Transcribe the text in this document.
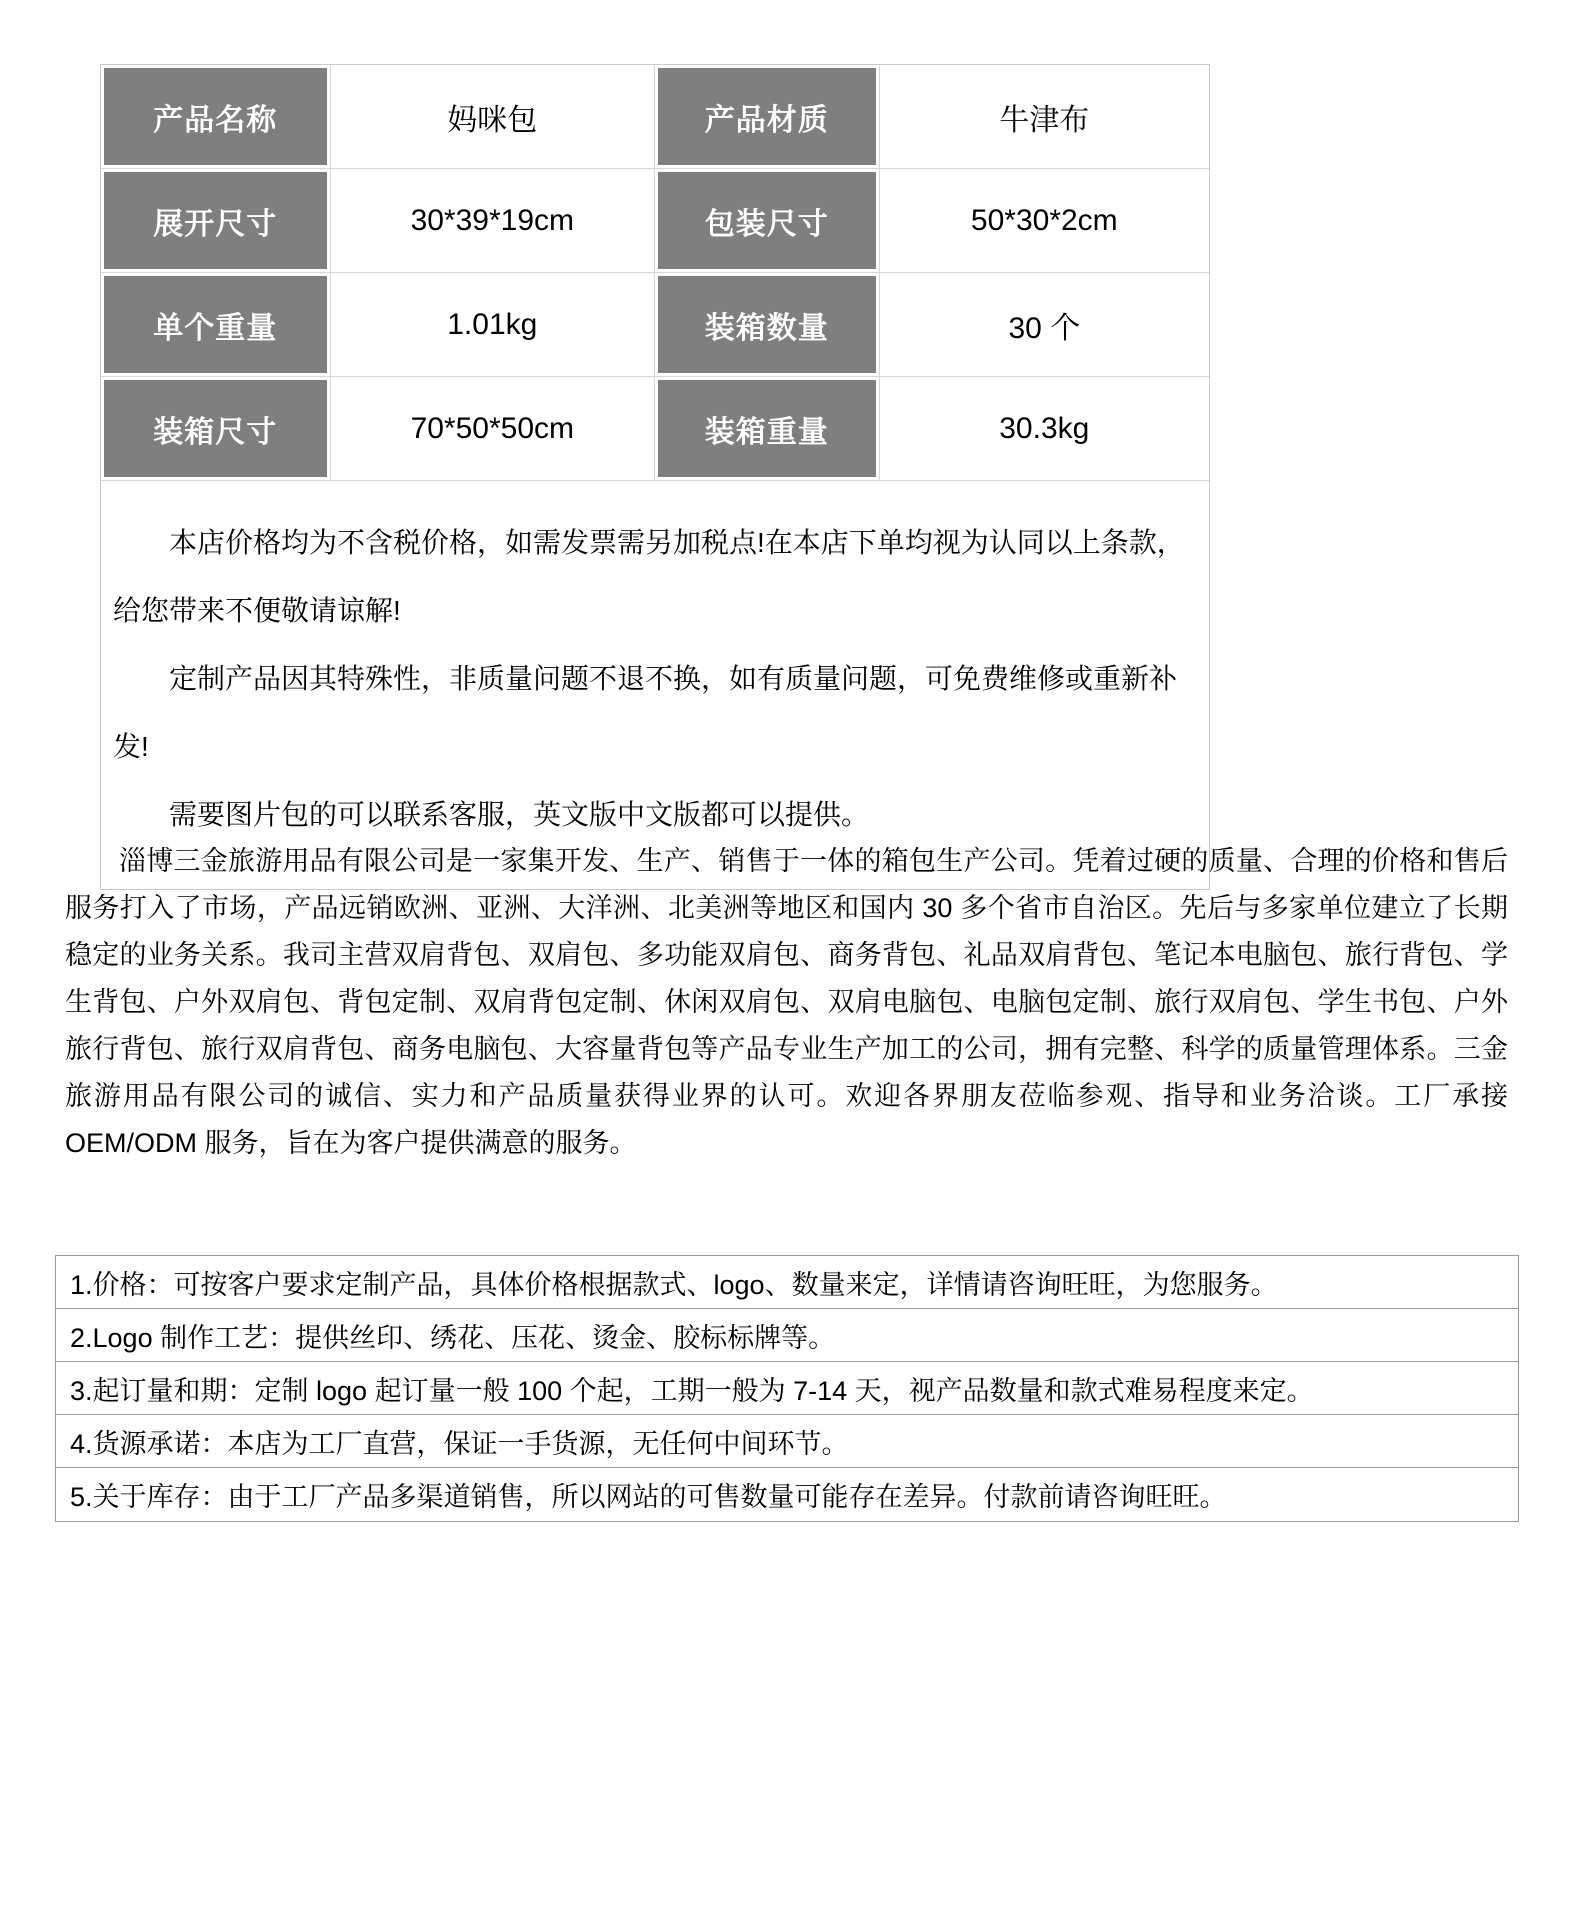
产品名称	妈咪包	产品材质	牛津布
展开尺寸	30*39*19cm	包装尺寸	50*30*2cm
单个重量	1.01kg	装箱数量	30 个
装箱尺寸	70*50*50cm	装箱重量	30.3kg

本店价格均为不含税价格，如需发票需另加税点!在本店下单均视为认同以上条款，给您带来不便敬请谅解!

定制产品因其特殊性，非质量问题不退不换，如有质量问题，可免费维修或重新补发!

需要图片包的可以联系客服，英文版中文版都可以提供。

淄博三金旅游用品有限公司是一家集开发、生产、销售于一体的箱包生产公司。凭着过硬的质量、合理的价格和售后服务打入了市场，产品远销欧洲、亚洲、大洋洲、北美洲等地区和国内 30 多个省市自治区。先后与多家单位建立了长期稳定的业务关系。我司主营双肩背包、双肩包、多功能双肩包、商务背包、礼品双肩背包、笔记本电脑包、旅行背包、学生背包、户外双肩包、背包定制、双肩背包定制、休闲双肩包、双肩电脑包、电脑包定制、旅行双肩包、学生书包、户外旅行背包、旅行双肩背包、商务电脑包、大容量背包等产品专业生产加工的公司，拥有完整、科学的质量管理体系。三金旅游用品有限公司的诚信、实力和产品质量获得业界的认可。欢迎各界朋友莅临参观、指导和业务洽谈。工厂承接 OEM/ODM 服务，旨在为客户提供满意的服务。
1.价格：可按客户要求定制产品，具体价格根据款式、logo、数量来定，详情请咨询旺旺，为您服务。
2.Logo 制作工艺：提供丝印、绣花、压花、烫金、胶标标牌等。
3.起订量和期：定制 logo 起订量一般 100 个起，工期一般为 7-14 天，视产品数量和款式难易程度来定。
4.货源承诺：本店为工厂直营，保证一手货源，无任何中间环节。
5.关于库存：由于工厂产品多渠道销售，所以网站的可售数量可能存在差异。付款前请咨询旺旺。
